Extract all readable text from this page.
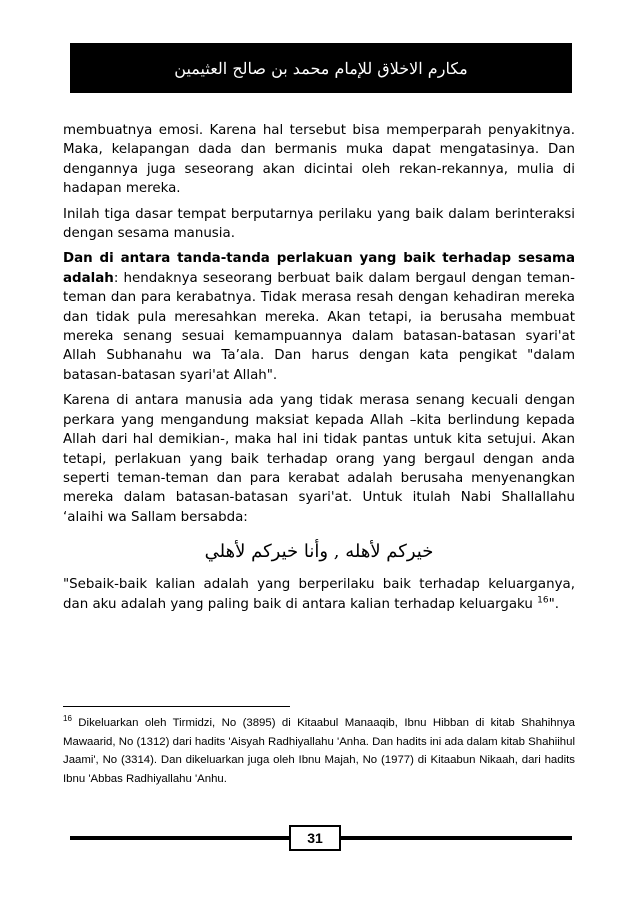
مكارم الاخلاق للإمام محمد بن صالح العثيمين

membuatnya emosi. Karena hal tersebut bisa memperparah penyakitnya. Maka, kelapangan dada dan bermanis muka dapat mengatasinya. Dan dengannya juga seseorang akan dicintai oleh rekan-rekannya, mulia di hadapan mereka.

Inilah tiga dasar tempat berputarnya perilaku yang baik dalam berinteraksi dengan sesama manusia.

Dan di antara tanda-tanda perlakuan yang baik terhadap sesama adalah: hendaknya seseorang berbuat baik dalam bergaul dengan teman-teman dan para kerabatnya. Tidak merasa resah dengan kehadiran mereka dan tidak pula meresahkan mereka. Akan tetapi, ia berusaha membuat mereka senang sesuai kemampuannya dalam batasan-batasan syari'at Allah Subhanahu wa Ta’ala. Dan harus dengan kata pengikat "dalam batasan-batasan syari'at Allah".

Karena di antara manusia ada yang tidak merasa senang kecuali dengan perkara yang mengandung maksiat kepada Allah –kita berlindung kepada Allah dari hal demikian-, maka hal ini tidak pantas untuk kita setujui. Akan tetapi, perlakuan yang baik terhadap orang yang bergaul dengan anda seperti teman-teman dan para kerabat adalah berusaha menyenangkan mereka dalam batasan-batasan syari'at. Untuk itulah Nabi Shallallahu ‘alaihi wa Sallam bersabda:

خيركم لأهله , وأنا خيركم لأهلي

"Sebaik-baik kalian adalah yang berperilaku baik terhadap keluarganya, dan aku adalah yang paling baik di antara kalian terhadap keluargaku $^{16}$".

$^{16}$ Dikeluarkan oleh Tirmidzi, No (3895) di Kitaabul Manaaqib, Ibnu Hibban di kitab Shahihnya Mawaarid, No (1312) dari hadits 'Aisyah Radhiyallahu 'Anha. Dan hadits ini ada dalam kitab Shahiihul Jaami', No (3314). Dan dikeluarkan juga oleh Ibnu Majah, No (1977) di Kitaabun Nikaah, dari hadits Ibnu 'Abbas Radhiyallahu 'Anhu.
31
